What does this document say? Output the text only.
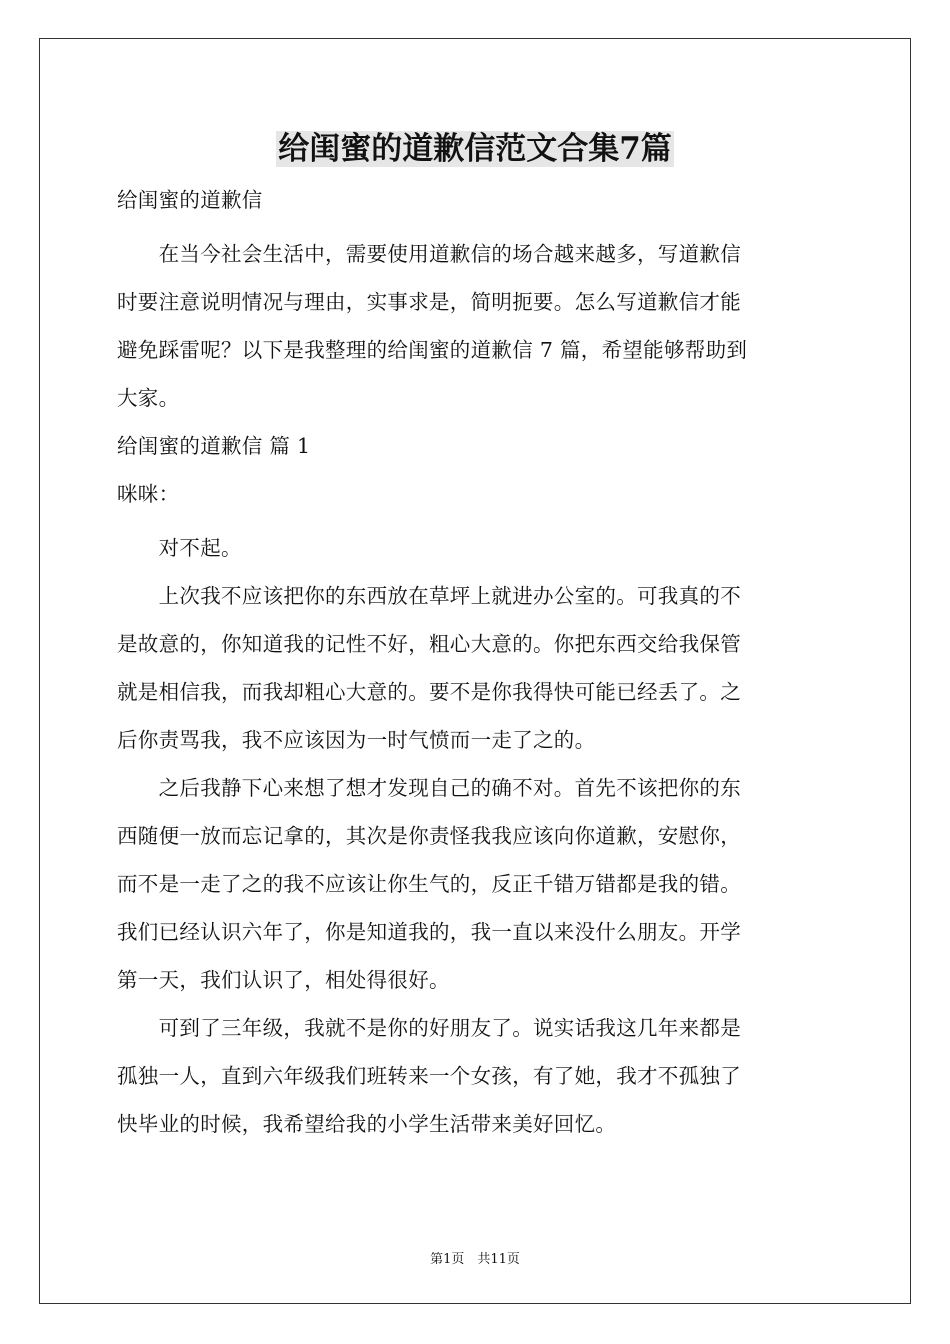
给闺蜜的道歉信范文合集7篇
给闺蜜的道歉信
　　在当今社会生活中，需要使用道歉信的场合越来越多，写道歉信
时要注意说明情况与理由，实事求是，简明扼要。怎么写道歉信才能
避免踩雷呢？以下是我整理的给闺蜜的道歉信 7 篇，希望能够帮助到
大家。
给闺蜜的道歉信 篇 1
咪咪：
　　对不起。
　　上次我不应该把你的东西放在草坪上就进办公室的。可我真的不
是故意的，你知道我的记性不好，粗心大意的。你把东西交给我保管
就是相信我，而我却粗心大意的。要不是你我得快可能已经丢了。之
后你责骂我，我不应该因为一时气愤而一走了之的。
　　之后我静下心来想了想才发现自己的确不对。首先不该把你的东
西随便一放而忘记拿的，其次是你责怪我我应该向你道歉，安慰你，
而不是一走了之的我不应该让你生气的，反正千错万错都是我的错。
我们已经认识六年了，你是知道我的，我一直以来没什么朋友。开学
第一天，我们认识了，相处得很好。
　　可到了三年级，我就不是你的好朋友了。说实话我这几年来都是
孤独一人，直到六年级我们班转来一个女孩，有了她，我才不孤独了
快毕业的时候，我希望给我的小学生活带来美好回忆。
第1页　共11页
